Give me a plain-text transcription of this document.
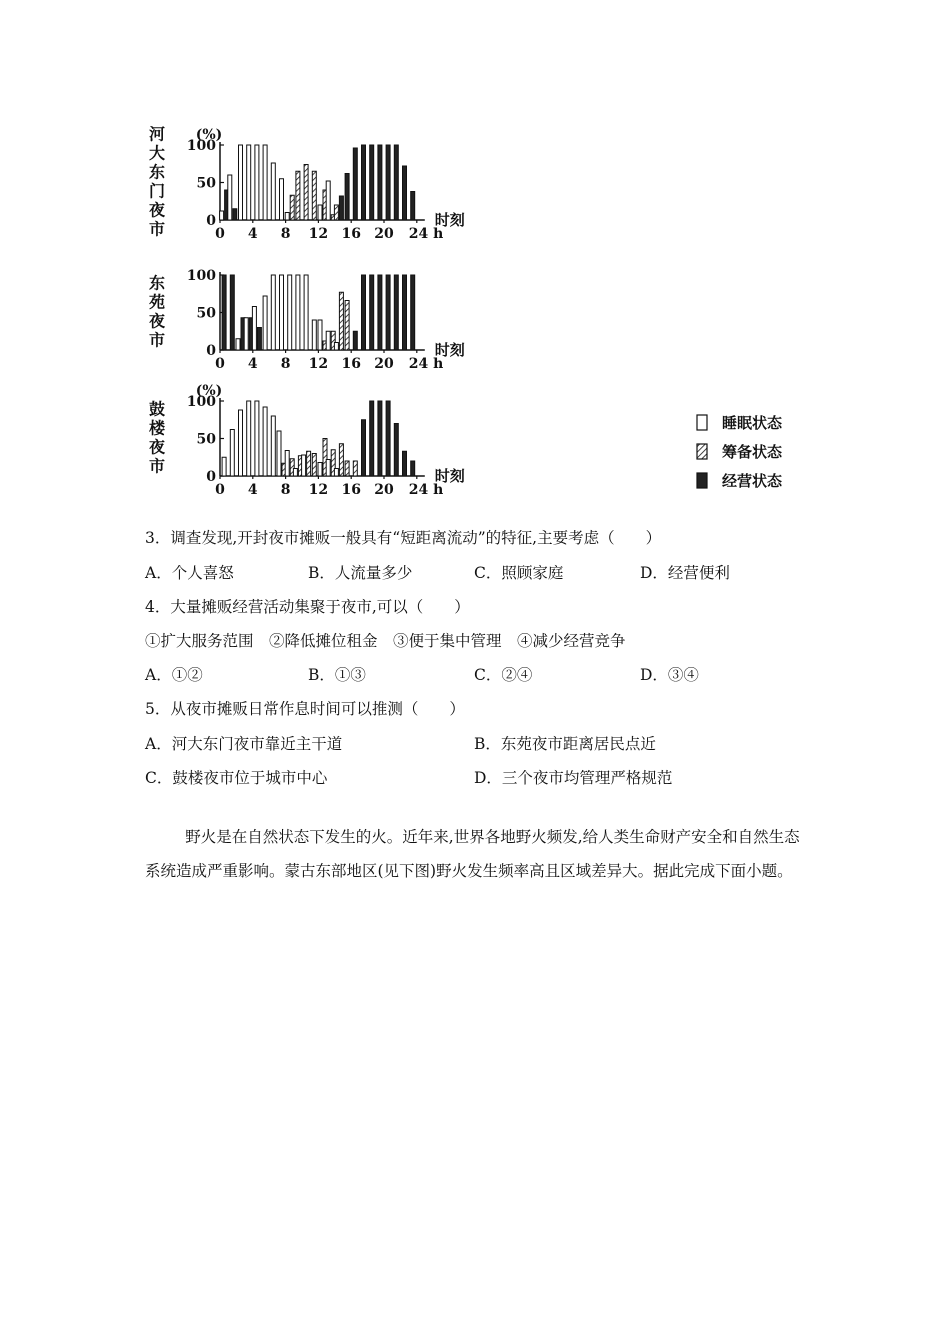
河大东门夜市
(%)
100
50
0
0 4 8 12 16 20 24 h
时刻
东苑夜市
100
50
0
0 4 8 12 16 20 24 h
时刻
鼓楼夜市
(%)
100
50
0
0 4 8 12 16 20 24 h
时刻
睡眠状态
筹备状态
经营状态
3．调查发现,开封夜市摊贩一般具有“短距离流动”的特征,主要考虑（　　）
A．个人喜怒	B．人流量多少	C．照顾家庭	D．经营便利
4．大量摊贩经营活动集聚于夜市,可以（　　）
①扩大服务范围　②降低摊位租金　③便于集中管理　④减少经营竞争
A．①②	B．①③	C．②④	D．③④
5．从夜市摊贩日常作息时间可以推测（　　）
A．河大东门夜市靠近主干道	B．东苑夜市距离居民点近
C．鼓楼夜市位于城市中心	D．三个夜市均管理严格规范

野火是在自然状态下发生的火。近年来,世界各地野火频发,给人类生命财产安全和自然生态系统造成严重影响。蒙古东部地区(见下图)野火发生频率高且区域差异大。据此完成下面小题。
